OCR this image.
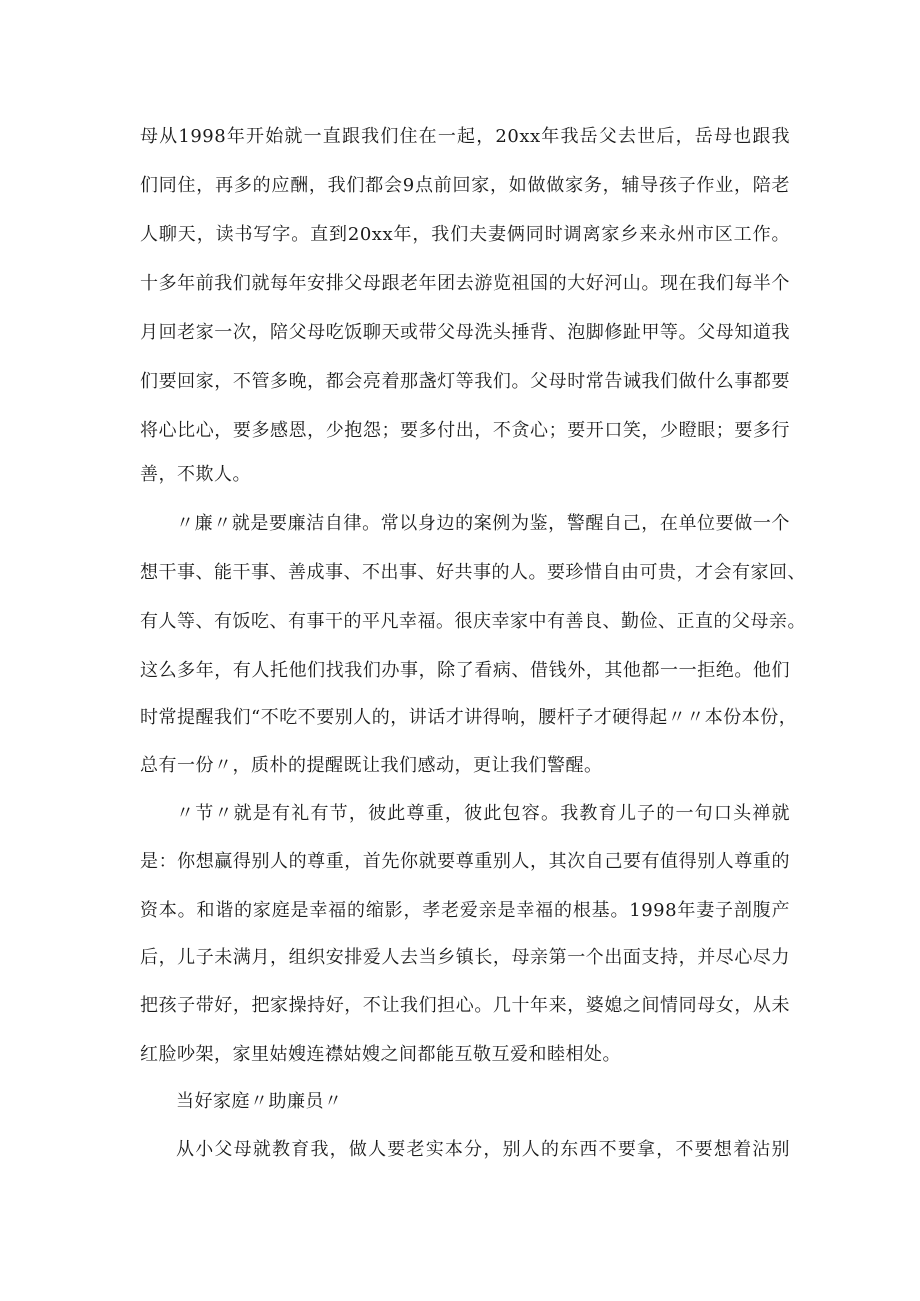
母从1998年开始就一直跟我们住在一起，20xx年我岳父去世后，岳母也跟我
们同住，再多的应酬，我们都会9点前回家，如做做家务，辅导孩子作业，陪老
人聊天，读书写字。直到20xx年，我们夫妻俩同时调离家乡来永州市区工作。
十多年前我们就每年安排父母跟老年团去游览祖国的大好河山。现在我们每半个
月回老家一次，陪父母吃饭聊天或带父母洗头捶背、泡脚修趾甲等。父母知道我
们要回家，不管多晚，都会亮着那盏灯等我们。父母时常告诫我们做什么事都要
将心比心，要多感恩，少抱怨；要多付出，不贪心；要开口笑，少瞪眼；要多行
善，不欺人。
〃廉〃就是要廉洁自律。常以身边的案例为鉴，警醒自己，在单位要做一个
想干事、能干事、善成事、不出事、好共事的人。要珍惜自由可贵，才会有家回、
有人等、有饭吃、有事干的平凡幸福。很庆幸家中有善良、勤俭、正直的父母亲。
这么多年，有人托他们找我们办事，除了看病、借钱外，其他都一一拒绝。他们
时常提醒我们“不吃不要别人的，讲话才讲得响，腰杆子才硬得起〃〃本份本份，
总有一份〃，质朴的提醒既让我们感动，更让我们警醒。
〃节〃就是有礼有节，彼此尊重，彼此包容。我教育儿子的一句口头禅就
是：你想赢得别人的尊重，首先你就要尊重别人，其次自己要有值得别人尊重的
资本。和谐的家庭是幸福的缩影，孝老爱亲是幸福的根基。1998年妻子剖腹产
后，儿子未满月，组织安排爱人去当乡镇长，母亲第一个出面支持，并尽心尽力
把孩子带好，把家操持好，不让我们担心。几十年来，婆媳之间情同母女，从未
红脸吵架，家里姑嫂连襟姑嫂之间都能互敬互爱和睦相处。
当好家庭〃助廉员〃
从小父母就教育我，做人要老实本分，别人的东西不要拿，不要想着沾别
